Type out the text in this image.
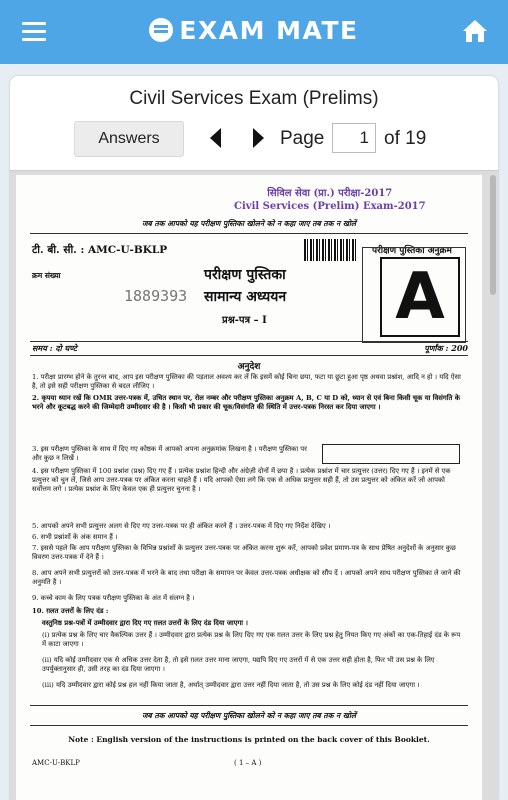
EXAM MATE
Civil Services Exam (Prelims)
Answers	Page
1	of 19
सिविल सेवा (प्रा.) परीक्षा-2017
Civil Services (Prelim) Exam-2017
जब तक आपको यह परीक्षण पुस्तिका खोलने को न कहा जाए तब तक न खोलें
टी. बी. सी. : AMC-U-BKLP	परीक्षण पुस्तिका अनुक्रम
A
क्रम संख्या	परीक्षण पुस्तिका
1889393 सामान्य अध्ययन
प्रश्न-पत्र – I
समय : दो घण्टे	पूर्णांक : 200
अनुदेश
1. परीक्षा प्रारम्भ होने के तुरन्त बाद, आप इस परीक्षण पुस्तिका की पड़ताल अवश्य कर लें कि इसमें कोई बिना छपा, फटा या छूटा हुआ पृष्ठ अथवा प्रश्नांश, आदि न हो । यदि ऐसा है, तो इसे सही परीक्षण पुस्तिका से बदल लीजिए ।
2. कृपया ध्यान रखें कि OMR उत्तर-पत्रक में, उचित स्थान पर, रोल नम्बर और परीक्षण पुस्तिका अनुक्रम A, B, C या D को, ध्यान से एवं बिना किसी चूक या विसंगति के भरने और कूटबद्ध करने की जिम्मेदारी उम्मीदवार की है । किसी भी प्रकार की चूक/विसंगति की स्थिति में उत्तर-पत्रक निरस्त कर दिया जाएगा ।
3. इस परीक्षण पुस्तिका के साथ में दिए गए कोष्ठक में आपको अपना अनुक्रमांक लिखना है । परीक्षण पुस्तिका पर और कुछ न लिखें ।
4. इस परीक्षण पुस्तिका में 100 प्रश्नांश (प्रश्न) दिए गए हैं । प्रत्येक प्रश्नांश हिन्दी और अंग्रेज़ी दोनों में छपा है । प्रत्येक प्रश्नांश में चार प्रत्युत्तर (उत्तर) दिए गए हैं । इनमें से एक प्रत्युत्तर को चुन लें, जिसे आप उत्तर-पत्रक पर अंकित करना चाहते हैं । यदि आपको ऐसा लगे कि एक से अधिक प्रत्युत्तर सही हैं, तो उस प्रत्युत्तर को अंकित करें जो आपको सर्वोत्तम लगे । प्रत्येक प्रश्नांश के लिए केवल एक ही प्रत्युत्तर चुनना है ।
5. आपको अपने सभी प्रत्युत्तर अलग से दिए गए उत्तर-पत्रक पर ही अंकित करने हैं । उत्तर-पत्रक में दिए गए निर्देश देखिए ।
6. सभी प्रश्नांशों के अंक समान हैं ।
7. इससे पहले कि आप परीक्षण पुस्तिका के विभिन्न प्रश्नांशों के प्रत्युत्तर उत्तर-पत्रक पर अंकित करना शुरू करें, आपको प्रवेश प्रमाण-पत्र के साथ प्रेषित अनुदेशों के अनुसार कुछ विवरण उत्तर-पत्रक में देने हैं ।
8. आप अपने सभी प्रत्युत्तरों को उत्तर-पत्रक में भरने के बाद तथा परीक्षा के समापन पर केवल उत्तर-पत्रक अधीक्षक को सौंप दें । आपको अपने साथ परीक्षण पुस्तिका ले जाने की अनुमति है ।
9. कच्चे काम के लिए पत्रक परीक्षण पुस्तिका के अंत में संलग्न है ।
10. ग़लत उत्तरों के लिए दंड :
वस्तुनिष्ठ प्रश्न-पत्रों में उम्मीदवार द्वारा दिए गए ग़लत उत्तरों के लिए दंड दिया जाएगा ।
(i) प्रत्येक प्रश्न के लिए चार वैकल्पिक उत्तर हैं । उम्मीदवार द्वारा प्रत्येक प्रश्न के लिए दिए गए एक ग़लत उत्तर के लिए प्रश्न हेतु नियत किए गए अंकों का एक-तिहाई दंड के रूप में काटा जाएगा ।
(ii) यदि कोई उम्मीदवार एक से अधिक उत्तर देता है, तो इसे ग़लत उत्तर माना जाएगा, यद्यपि दिए गए उत्तरों में से एक उत्तर सही होता है, फिर भी उस प्रश्न के लिए उपर्युक्तानुसार ही, उसी तरह का दंड दिया जाएगा ।
(iii) यदि उम्मीदवार द्वारा कोई प्रश्न हल नहीं किया जाता है, अर्थात् उम्मीदवार द्वारा उत्तर नहीं दिया जाता है, तो उस प्रश्न के लिए कोई दंड नहीं दिया जाएगा ।
जब तक आपको यह परीक्षण पुस्तिका खोलने को न कहा जाए तब तक न खोलें
Note : English version of the instructions is printed on the back cover of this Booklet.
AMC-U-BKLP	( 1 – A )
